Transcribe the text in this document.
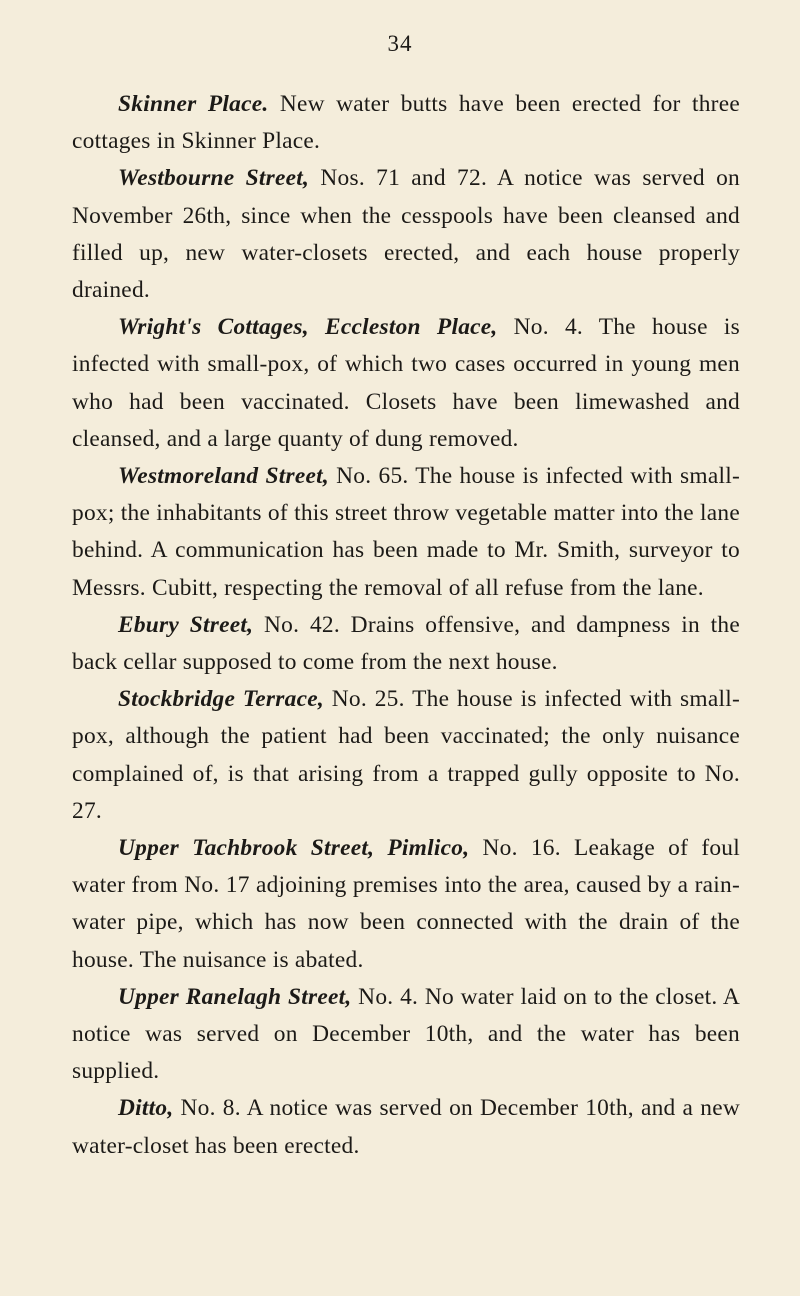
34

Skinner Place. New water butts have been erected for three cottages in Skinner Place.

Westbourne Street, Nos. 71 and 72. A notice was served on November 26th, since when the cesspools have been cleansed and filled up, new water-closets erected, and each house properly drained.

Wright's Cottages, Eccleston Place, No. 4. The house is infected with small-pox, of which two cases occurred in young men who had been vaccinated. Closets have been limewashed and cleansed, and a large quanty of dung removed.

Westmoreland Street, No. 65. The house is infected with small-pox; the inhabitants of this street throw vegetable matter into the lane behind. A communication has been made to Mr. Smith, surveyor to Messrs. Cubitt, respecting the removal of all refuse from the lane.

Ebury Street, No. 42. Drains offensive, and dampness in the back cellar supposed to come from the next house.

Stockbridge Terrace, No. 25. The house is infected with small-pox, although the patient had been vaccinated; the only nuisance complained of, is that arising from a trapped gully opposite to No. 27.

Upper Tachbrook Street, Pimlico, No. 16. Leakage of foul water from No. 17 adjoining premises into the area, caused by a rain-water pipe, which has now been connected with the drain of the house. The nuisance is abated.

Upper Ranelagh Street, No. 4. No water laid on to the closet. A notice was served on December 10th, and the water has been supplied.

Ditto, No. 8. A notice was served on December 10th, and a new water-closet has been erected.
